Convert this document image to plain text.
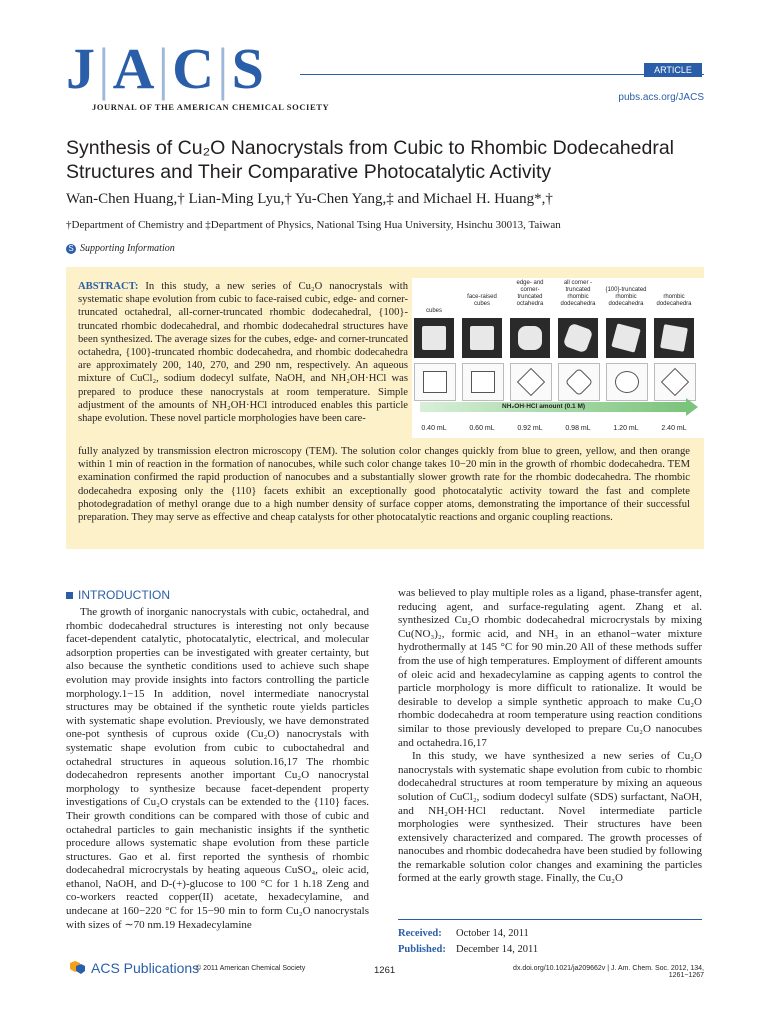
J|A|C|S
JOURNAL OF THE AMERICAN CHEMICAL SOCIETY
ARTICLE
pubs.acs.org/JACS
Synthesis of Cu₂O Nanocrystals from Cubic to Rhombic Dodecahedral
Structures and Their Comparative Photocatalytic Activity
Wan-Chen Huang,† Lian-Ming Lyu,† Yu-Chen Yang,‡ and Michael H. Huang*,†
†Department of Chemistry and ‡Department of Physics, National Tsing Hua University, Hsinchu 30013, Taiwan
S Supporting Information
ABSTRACT: In this study, a new series of Cu₂O nanocrystals with systematic shape evolution from cubic to face-raised cubic, edge- and corner-truncated octahedral, all-corner-truncated rhombic dodecahedral, {100}-truncated rhombic dodecahedral, and rhombic dodecahedral structures have been synthesized. The average sizes for the cubes, edge- and corner-truncated octahedra, {100}-truncated rhombic dodecahedra, and rhombic dodecahedra are approximately 200, 140, 270, and 290 nm, respectively. An aqueous mixture of CuCl₂, sodium dodecyl sulfate, NaOH, and NH₂OH·HCl was prepared to produce these nanocrystals at room temperature. Simple adjustment of the amounts of NH₂OH·HCl introduced enables this particle shape evolution. These novel particle morphologies have been care-
fully analyzed by transmission electron microscopy (TEM). The solution color changes quickly from blue to green, yellow, and then orange within 1 min of reaction in the formation of nanocubes, while such color change takes 10−20 min in the growth of rhombic dodecahedra. TEM examination confirmed the rapid production of nanocubes and a substantially slower growth rate for the rhombic dodecahedra. The rhombic dodecahedra exposing only the {110} facets exhibit an exceptionally good photocatalytic activity toward the fast and complete photodegradation of methyl orange due to a high number density of surface copper atoms, demonstrating the importance of their successful preparation. They may serve as effective and cheap catalysts for other photocatalytic reactions and organic coupling reactions.
cubes
face-raised cubes
edge- and corner- truncated octahedra
all corner -truncated rhombic dodecahedra
{100}-truncated rhombic dodecahedra
rhombic dodecahedra
NH₂OH·HCl amount (0.1 M)
0.40 mL	0.60 mL	0.92 mL	0.98 mL	1.20 mL	2.40 mL
INTRODUCTION

The growth of inorganic nanocrystals with cubic, octahedral, and rhombic dodecahedral structures is interesting not only because facet-dependent catalytic, photocatalytic, electrical, and molecular adsorption properties can be investigated with greater certainty, but also because the synthetic conditions used to achieve such shape evolution may provide insights into factors controlling the particle morphology.1−15 In addition, novel intermediate nanocrystal structures may be obtained if the synthetic route yields particles with systematic shape evolution. Previously, we have demonstrated one-pot synthesis of cuprous oxide (Cu₂O) nanocrystals with systematic shape evolution from cubic to cuboctahedral and octahedral structures in aqueous solution.16,17 The rhombic dodecahedron represents another important Cu₂O nanocrystal morphology to synthesize because facet-dependent property investigations of Cu₂O crystals can be extended to the {110} faces. Their growth conditions can be compared with those of cubic and octahedral particles to gain mechanistic insights if the synthetic procedure allows systematic shape evolution from these particle structures. Gao et al. first reported the synthesis of rhombic dodecahedral microcrystals by heating aqueous CuSO₄, oleic acid, ethanol, NaOH, and D-(+)-glucose to 100 °C for 1 h.18 Zeng and co-workers reacted copper(II) acetate, hexadecylamine, and undecane at 160−220 °C for 15−90 min to form Cu₂O nanocrystals with sizes of ∼70 nm.19 Hexadecylamine

was believed to play multiple roles as a ligand, phase-transfer agent, reducing agent, and surface-regulating agent. Zhang et al. synthesized Cu₂O rhombic dodecahedral microcrystals by mixing Cu(NO₃)₂, formic acid, and NH₃ in an ethanol−water mixture hydrothermally at 145 °C for 90 min.20 All of these methods suffer from the use of high temperatures. Employment of different amounts of oleic acid and hexadecylamine as capping agents to control the particle morphology is more difficult to rationalize. It would be desirable to develop a simple synthetic approach to make Cu₂O rhombic dodecahedra at room temperature using reaction conditions similar to those previously developed to prepare Cu₂O nanocubes and octahedra.16,17

In this study, we have synthesized a new series of Cu₂O nanocrystals with systematic shape evolution from cubic to rhombic dodecahedral structures at room temperature by mixing an aqueous solution of CuCl₂, sodium dodecyl sulfate (SDS) surfactant, NaOH, and NH₂OH·HCl reductant. Novel intermediate particle morphologies were synthesized. Their structures have been extensively characterized and compared. The growth processes of nanocubes and rhombic dodecahedra have been studied by following the remarkable solution color changes and examining the particles formed at the early growth stage. Finally, the Cu₂O

Received: October 14, 2011
Published: December 14, 2011
ACS Publications
© 2011 American Chemical Society	1261	dx.doi.org/10.1021/ja209662v | J. Am. Chem. Soc. 2012, 134, 1261−1267
